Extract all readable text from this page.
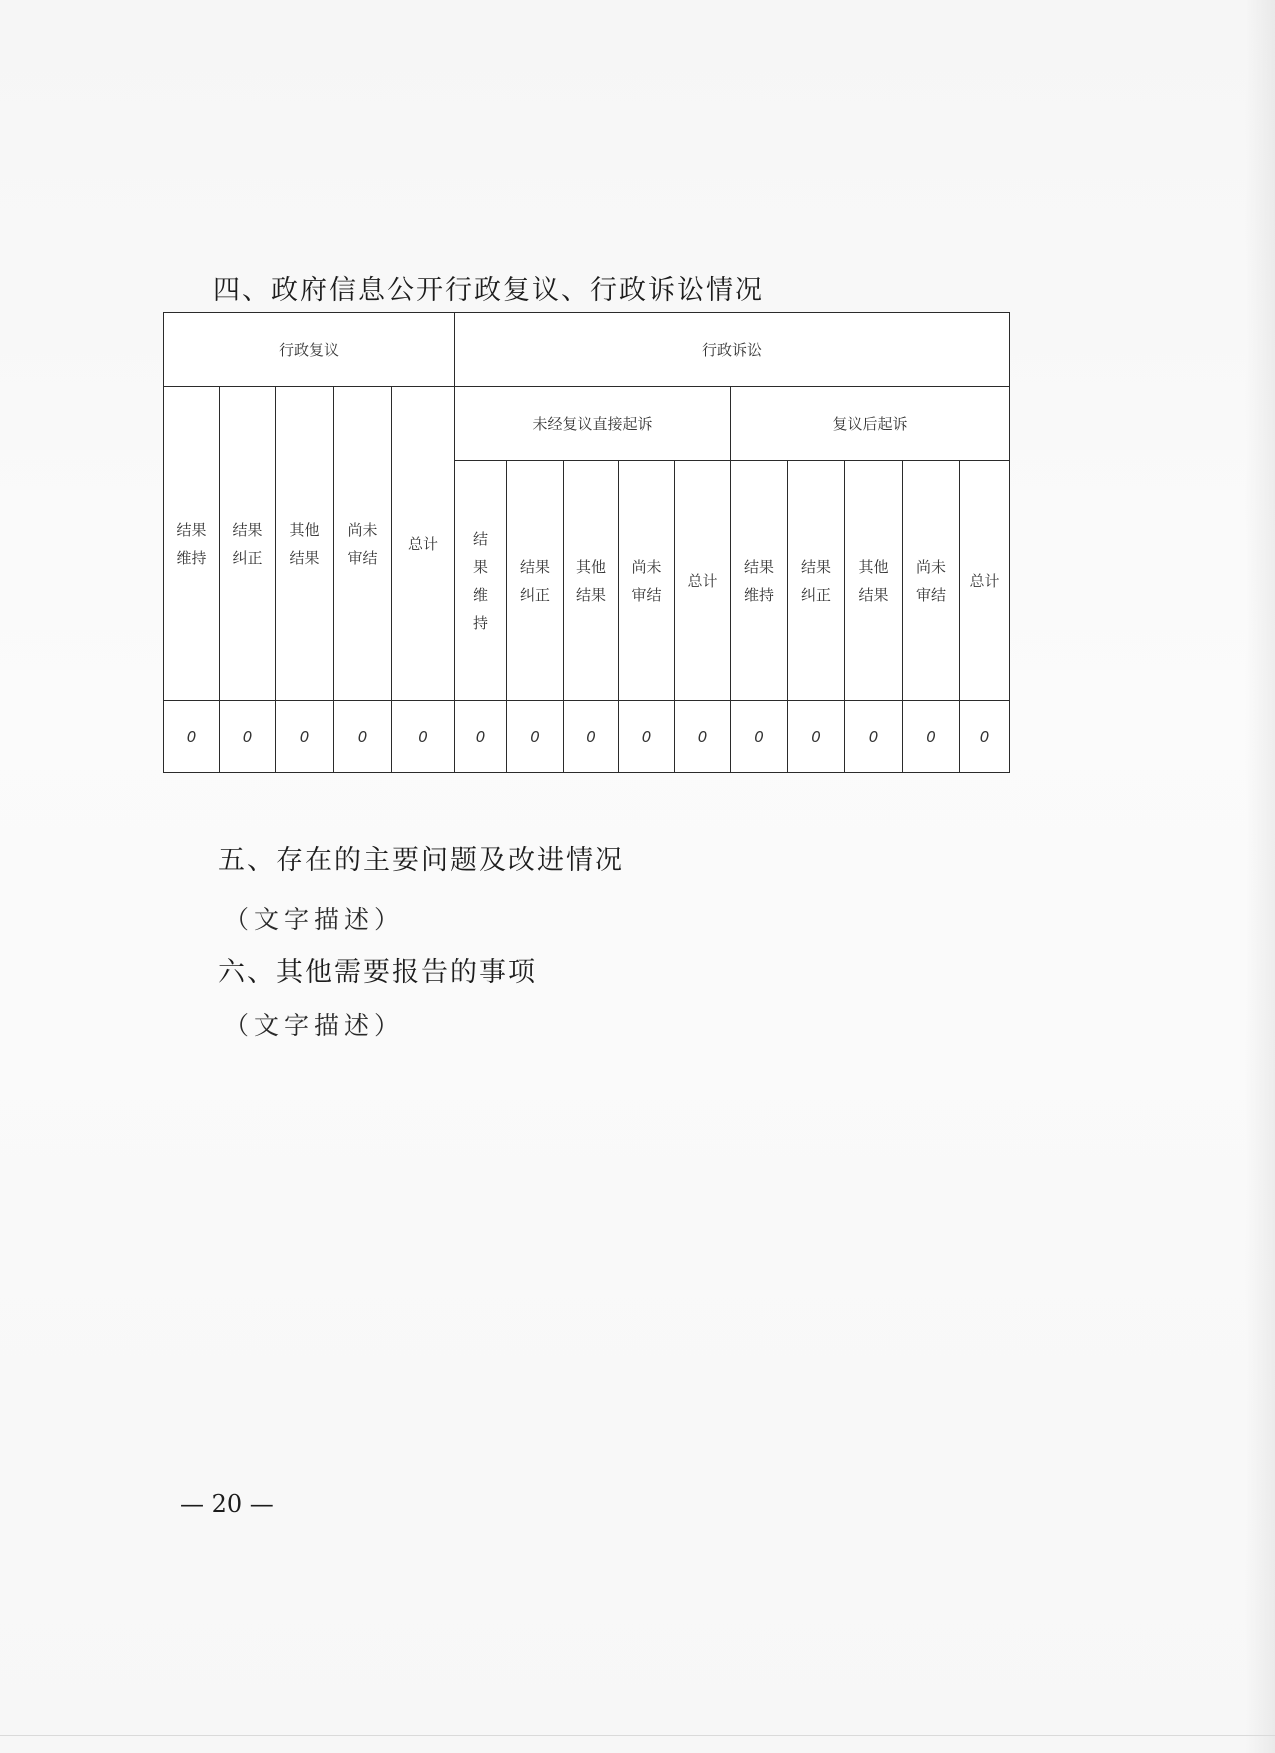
四、政府信息公开行政复议、行政诉讼情况
行政复议					行政诉讼									
结果维持	结果纠正	其他结果	尚未审结	总计	未经复议直接起诉					复议后起诉				
					结果维持	结果纠正	其他结果	尚未审结	总计	结果维持	结果纠正	其他结果	尚未审结	总计
0	0	0	0	0	0	0	0	0	0	0	0	0	0	0
五、存在的主要问题及改进情况
（文字描述）
六、其他需要报告的事项
（文字描述）
— 20 —
